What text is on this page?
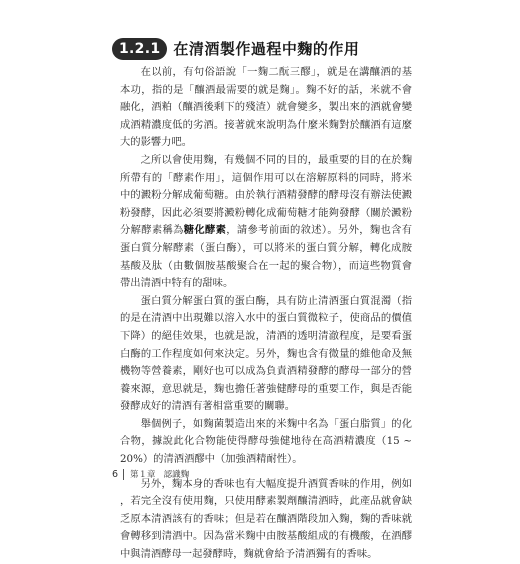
1.2.1 在清酒製作過程中麴的作用

在以前，有句俗語說「一麴二酛三醪」，就是在講釀酒的基本功，指的是「釀酒最需要的就是麴」。麴不好的話，米就不會融化，酒粕（釀酒後剩下的殘渣）就會變多，製出來的酒就會變成酒精濃度低的劣酒。接著就來說明為什麼米麴對於釀酒有這麼大的影響力吧。

之所以會使用麴，有幾個不同的目的，最重要的目的在於麴所帶有的「酵素作用」，這個作用可以在溶解原料的同時，將米中的澱粉分解成葡萄糖。由於執行酒精發酵的酵母沒有辦法使澱粉發酵，因此必須要將澱粉轉化成葡萄糖才能夠發酵（關於澱粉分解酵素稱為糖化酵素，請參考前面的敘述）。另外，麴也含有蛋白質分解酵素（蛋白酶），可以將米的蛋白質分解，轉化成胺基酸及肽（由數個胺基酸聚合在一起的聚合物），而這些物質會帶出清酒中特有的甜味。

蛋白質分解蛋白質的蛋白酶，具有防止清酒蛋白質混濁（指的是在清酒中出現難以溶入水中的蛋白質微粒子，使商品的價值下降）的絕佳效果，也就是說，清酒的透明清澈程度，是要看蛋白酶的工作程度如何來決定。另外，麴也含有微量的維他命及無機物等營養素，剛好也可以成為負責酒精發酵的酵母一部分的營養來源，意思就是，麴也擔任著強健酵母的重要工作，與是否能發酵成好的清酒有著相當重要的關聯。

舉個例子，如麴菌製造出來的米麴中名為「蛋白脂質」的化合物，據說此化合物能使得酵母強健地待在高酒精濃度（15 ∼ 20%）的清酒酒醪中（加強酒精耐性）。

另外，麴本身的香味也有大幅度提升酒質香味的作用，例如，若完全沒有使用麴，只使用酵素製劑釀清酒時，此產品就會缺乏原本清酒該有的香味；但是若在釀酒階段加入麴，麴的香味就會轉移到清酒中。因為當米麴中由胺基酸組成的有機酸，在酒醪中與清酒酵母一起發酵時，麴就會給予清酒獨有的香味。

6	第１章 認識麴
